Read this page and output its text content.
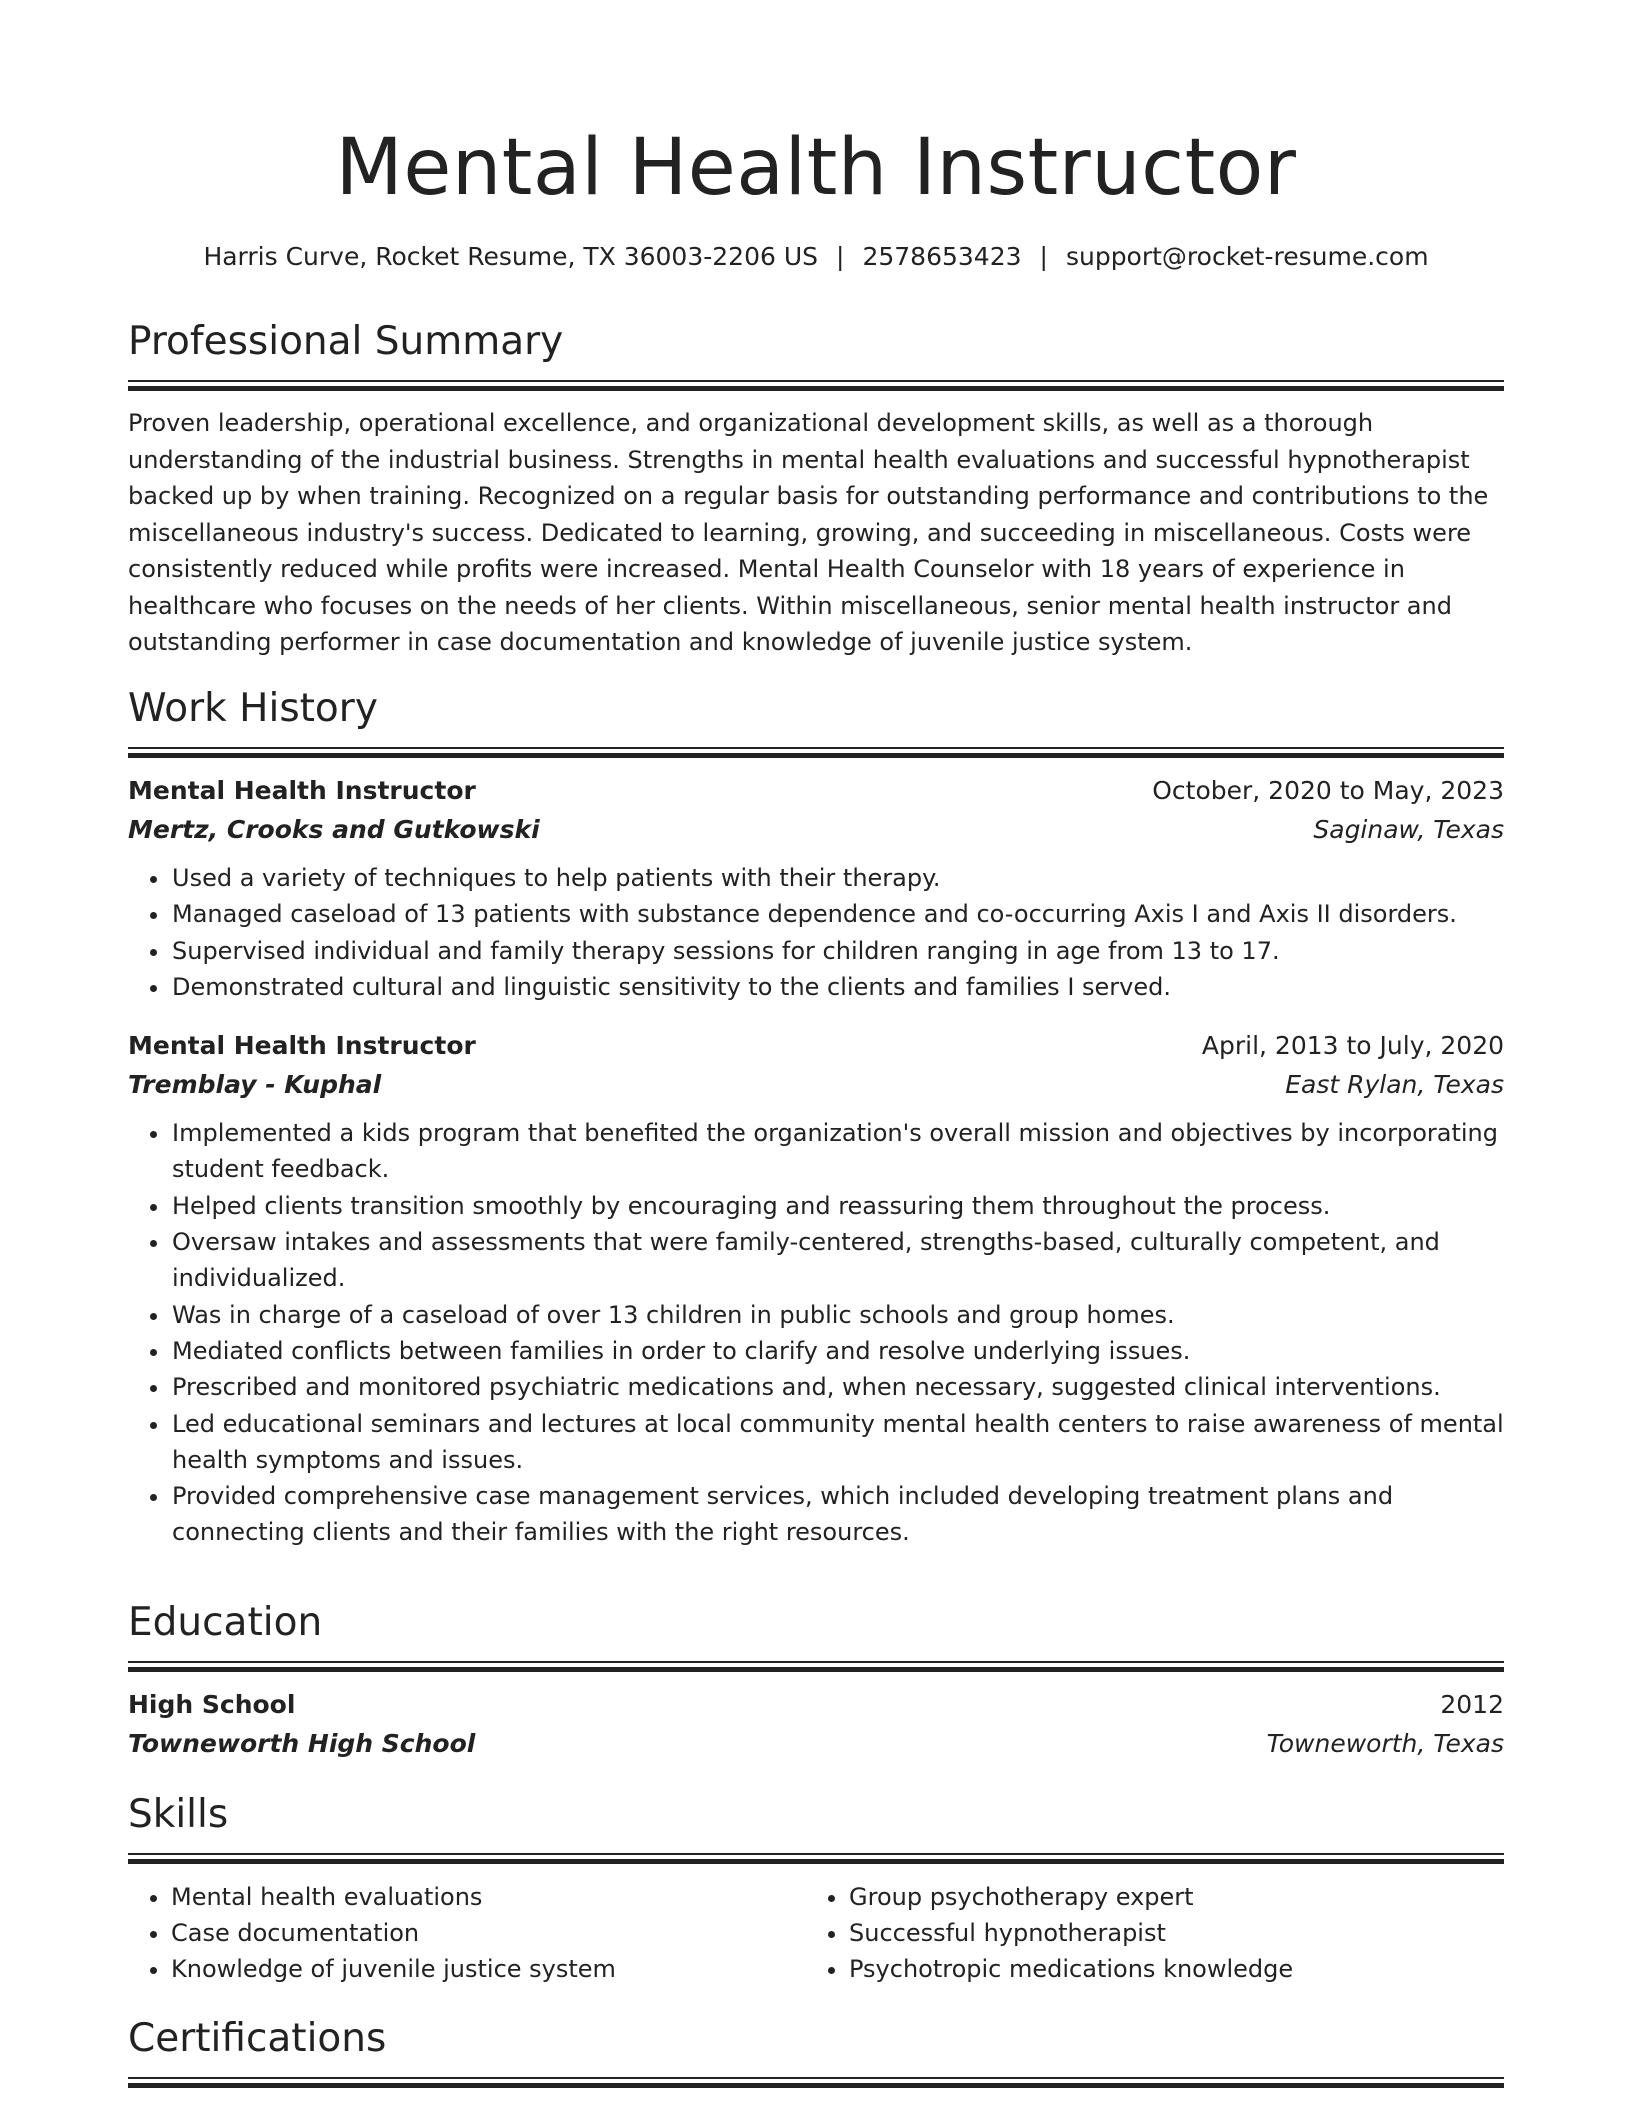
Mental Health Instructor
Harris Curve, Rocket Resume, TX 36003-2206 US | 2578653423 | support@rocket-resume.com
Professional Summary

Proven leadership, operational excellence, and organizational development skills, as well as a thorough understanding of the industrial business. Strengths in mental health evaluations and successful hypnotherapist backed up by when training. Recognized on a regular basis for outstanding performance and contributions to the miscellaneous industry's success. Dedicated to learning, growing, and succeeding in miscellaneous. Costs were consistently reduced while profits were increased. Mental Health Counselor with 18 years of experience in healthcare who focuses on the needs of her clients. Within miscellaneous, senior mental health instructor and outstanding performer in case documentation and knowledge of juvenile justice system.

Work History
Mental Health Instructor	October, 2020 to May, 2023
Mertz, Crooks and Gutkowski	Saginaw, Texas
• Used a variety of techniques to help patients with their therapy.
• Managed caseload of 13 patients with substance dependence and co-occurring Axis I and Axis II disorders.
• Supervised individual and family therapy sessions for children ranging in age from 13 to 17.
• Demonstrated cultural and linguistic sensitivity to the clients and families I served.
Mental Health Instructor	April, 2013 to July, 2020
Tremblay - Kuphal	East Rylan, Texas
• Implemented a kids program that benefited the organization's overall mission and objectives by incorporating student feedback.
• Helped clients transition smoothly by encouraging and reassuring them throughout the process.
• Oversaw intakes and assessments that were family-centered, strengths-based, culturally competent, and individualized.
• Was in charge of a caseload of over 13 children in public schools and group homes.
• Mediated conflicts between families in order to clarify and resolve underlying issues.
• Prescribed and monitored psychiatric medications and, when necessary, suggested clinical interventions.
• Led educational seminars and lectures at local community mental health centers to raise awareness of mental health symptoms and issues.
• Provided comprehensive case management services, which included developing treatment plans and connecting clients and their families with the right resources.
Education
High School	2012
Towneworth High School	Towneworth, Texas
Skills
• Mental health evaluations
• Case documentation
• Knowledge of juvenile justice system
• Group psychotherapy expert
• Successful hypnotherapist
• Psychotropic medications knowledge
Certifications
